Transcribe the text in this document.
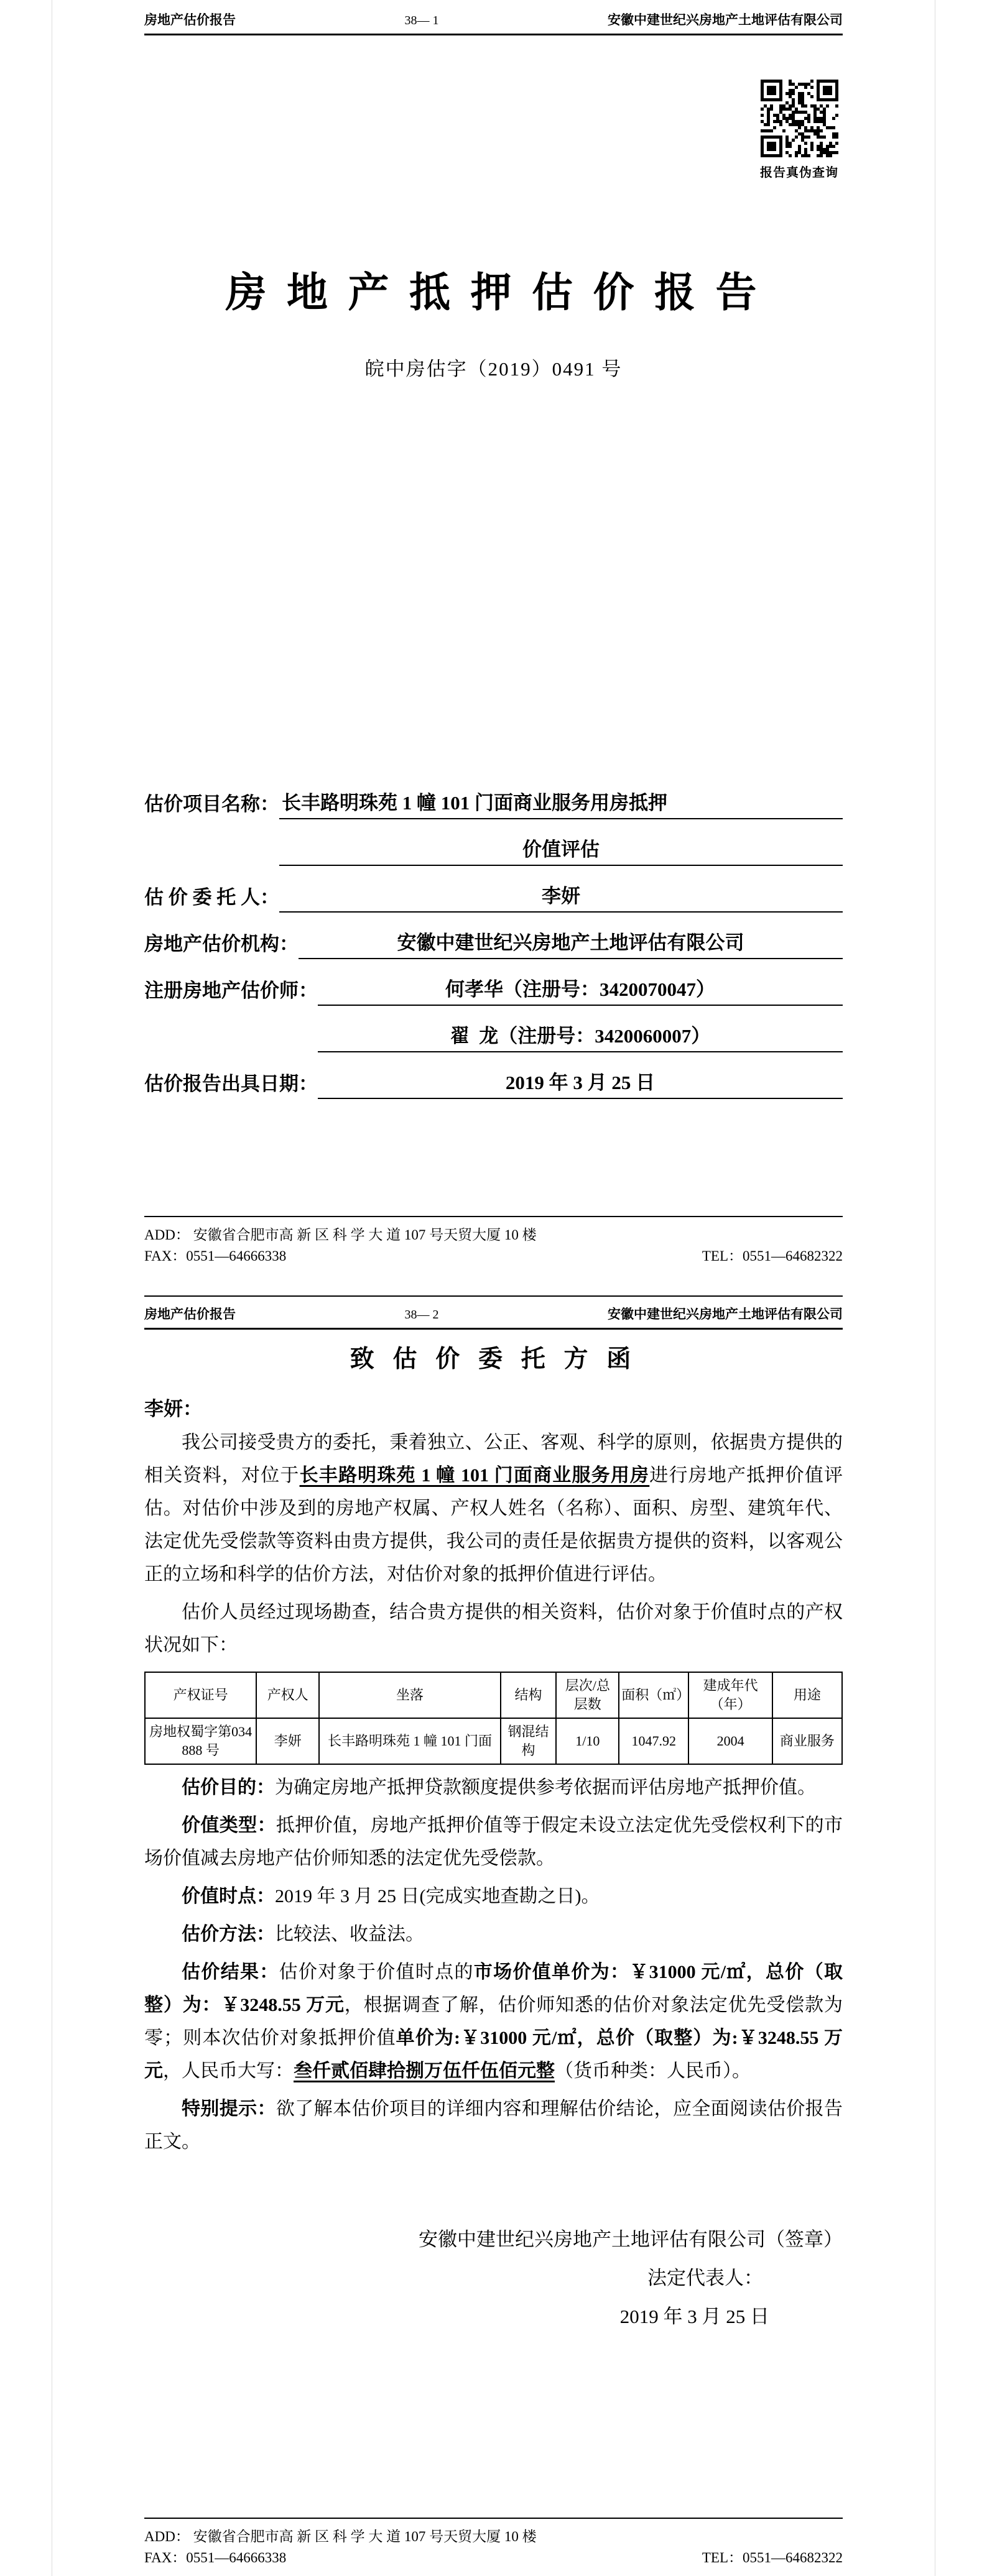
房地产估价报告	38— 1	安徽中建世纪兴房地产土地评估有限公司
报告真伪查询
房 地 产 抵 押 估 价 报 告
皖中房估字（2019）0491 号
估价项目名称： 长丰路明珠苑 1 幢 101 门面商业服务用房抵押
价值评估
估 价 委 托 人：	李妍
房地产估价机构：	安徽中建世纪兴房地产土地评估有限公司
注册房地产估价师：	何孝华（注册号：3420070047）
翟  龙（注册号：3420060007）
估价报告出具日期：	2019 年 3 月 25 日
ADD： 安徽省合肥市高 新 区 科 学 大 道 107 号天贸大厦 10 楼
FAX：0551—64666338	TEL：0551—64682322
房地产估价报告	38— 2	安徽中建世纪兴房地产土地评估有限公司
致 估 价 委 托 方 函
李妍：

我公司接受贵方的委托，秉着独立、公正、客观、科学的原则，依据贵方提供的相关资料，对位于长丰路明珠苑 1 幢 101 门面商业服务用房进行房地产抵押价值评估。对估价中涉及到的房地产权属、产权人姓名（名称）、面积、房型、建筑年代、法定优先受偿款等资料由贵方提供，我公司的责任是依据贵方提供的资料，以客观公正的立场和科学的估价方法，对估价对象的抵押价值进行评估。

估价人员经过现场勘查，结合贵方提供的相关资料，估价对象于价值时点的产权状况如下：

产权证号	产权人	坐落	结构	层次/总层数	面积（㎡）	建成年代（年）	用途
房地权蜀字第034888 号	李妍	长丰路明珠苑 1 幢 101 门面	钢混结构	1/10	1047.92	2004	商业服务

估价目的：为确定房地产抵押贷款额度提供参考依据而评估房地产抵押价值。

价值类型：抵押价值，房地产抵押价值等于假定未设立法定优先受偿权利下的市场价值减去房地产估价师知悉的法定优先受偿款。

价值时点：2019 年 3 月 25 日(完成实地查勘之日)。

估价方法：比较法、收益法。

估价结果：估价对象于价值时点的市场价值单价为：￥31000 元/㎡，总价（取整）为：￥3248.55 万元，根据调查了解，估价师知悉的估价对象法定优先受偿款为零；则本次估价对象抵押价值单价为:￥31000 元/㎡，总价（取整）为:￥3248.55 万元，人民币大写：叁仟贰佰肆拾捌万伍仟伍佰元整（货币种类：人民币）。

特别提示：欲了解本估价项目的详细内容和理解估价结论，应全面阅读估价报告正文。

安徽中建世纪兴房地产土地评估有限公司（签章）
法定代表人：
2019 年 3 月 25 日
ADD： 安徽省合肥市高 新 区 科 学 大 道 107 号天贸大厦 10 楼
FAX：0551—64666338	TEL：0551—64682322
